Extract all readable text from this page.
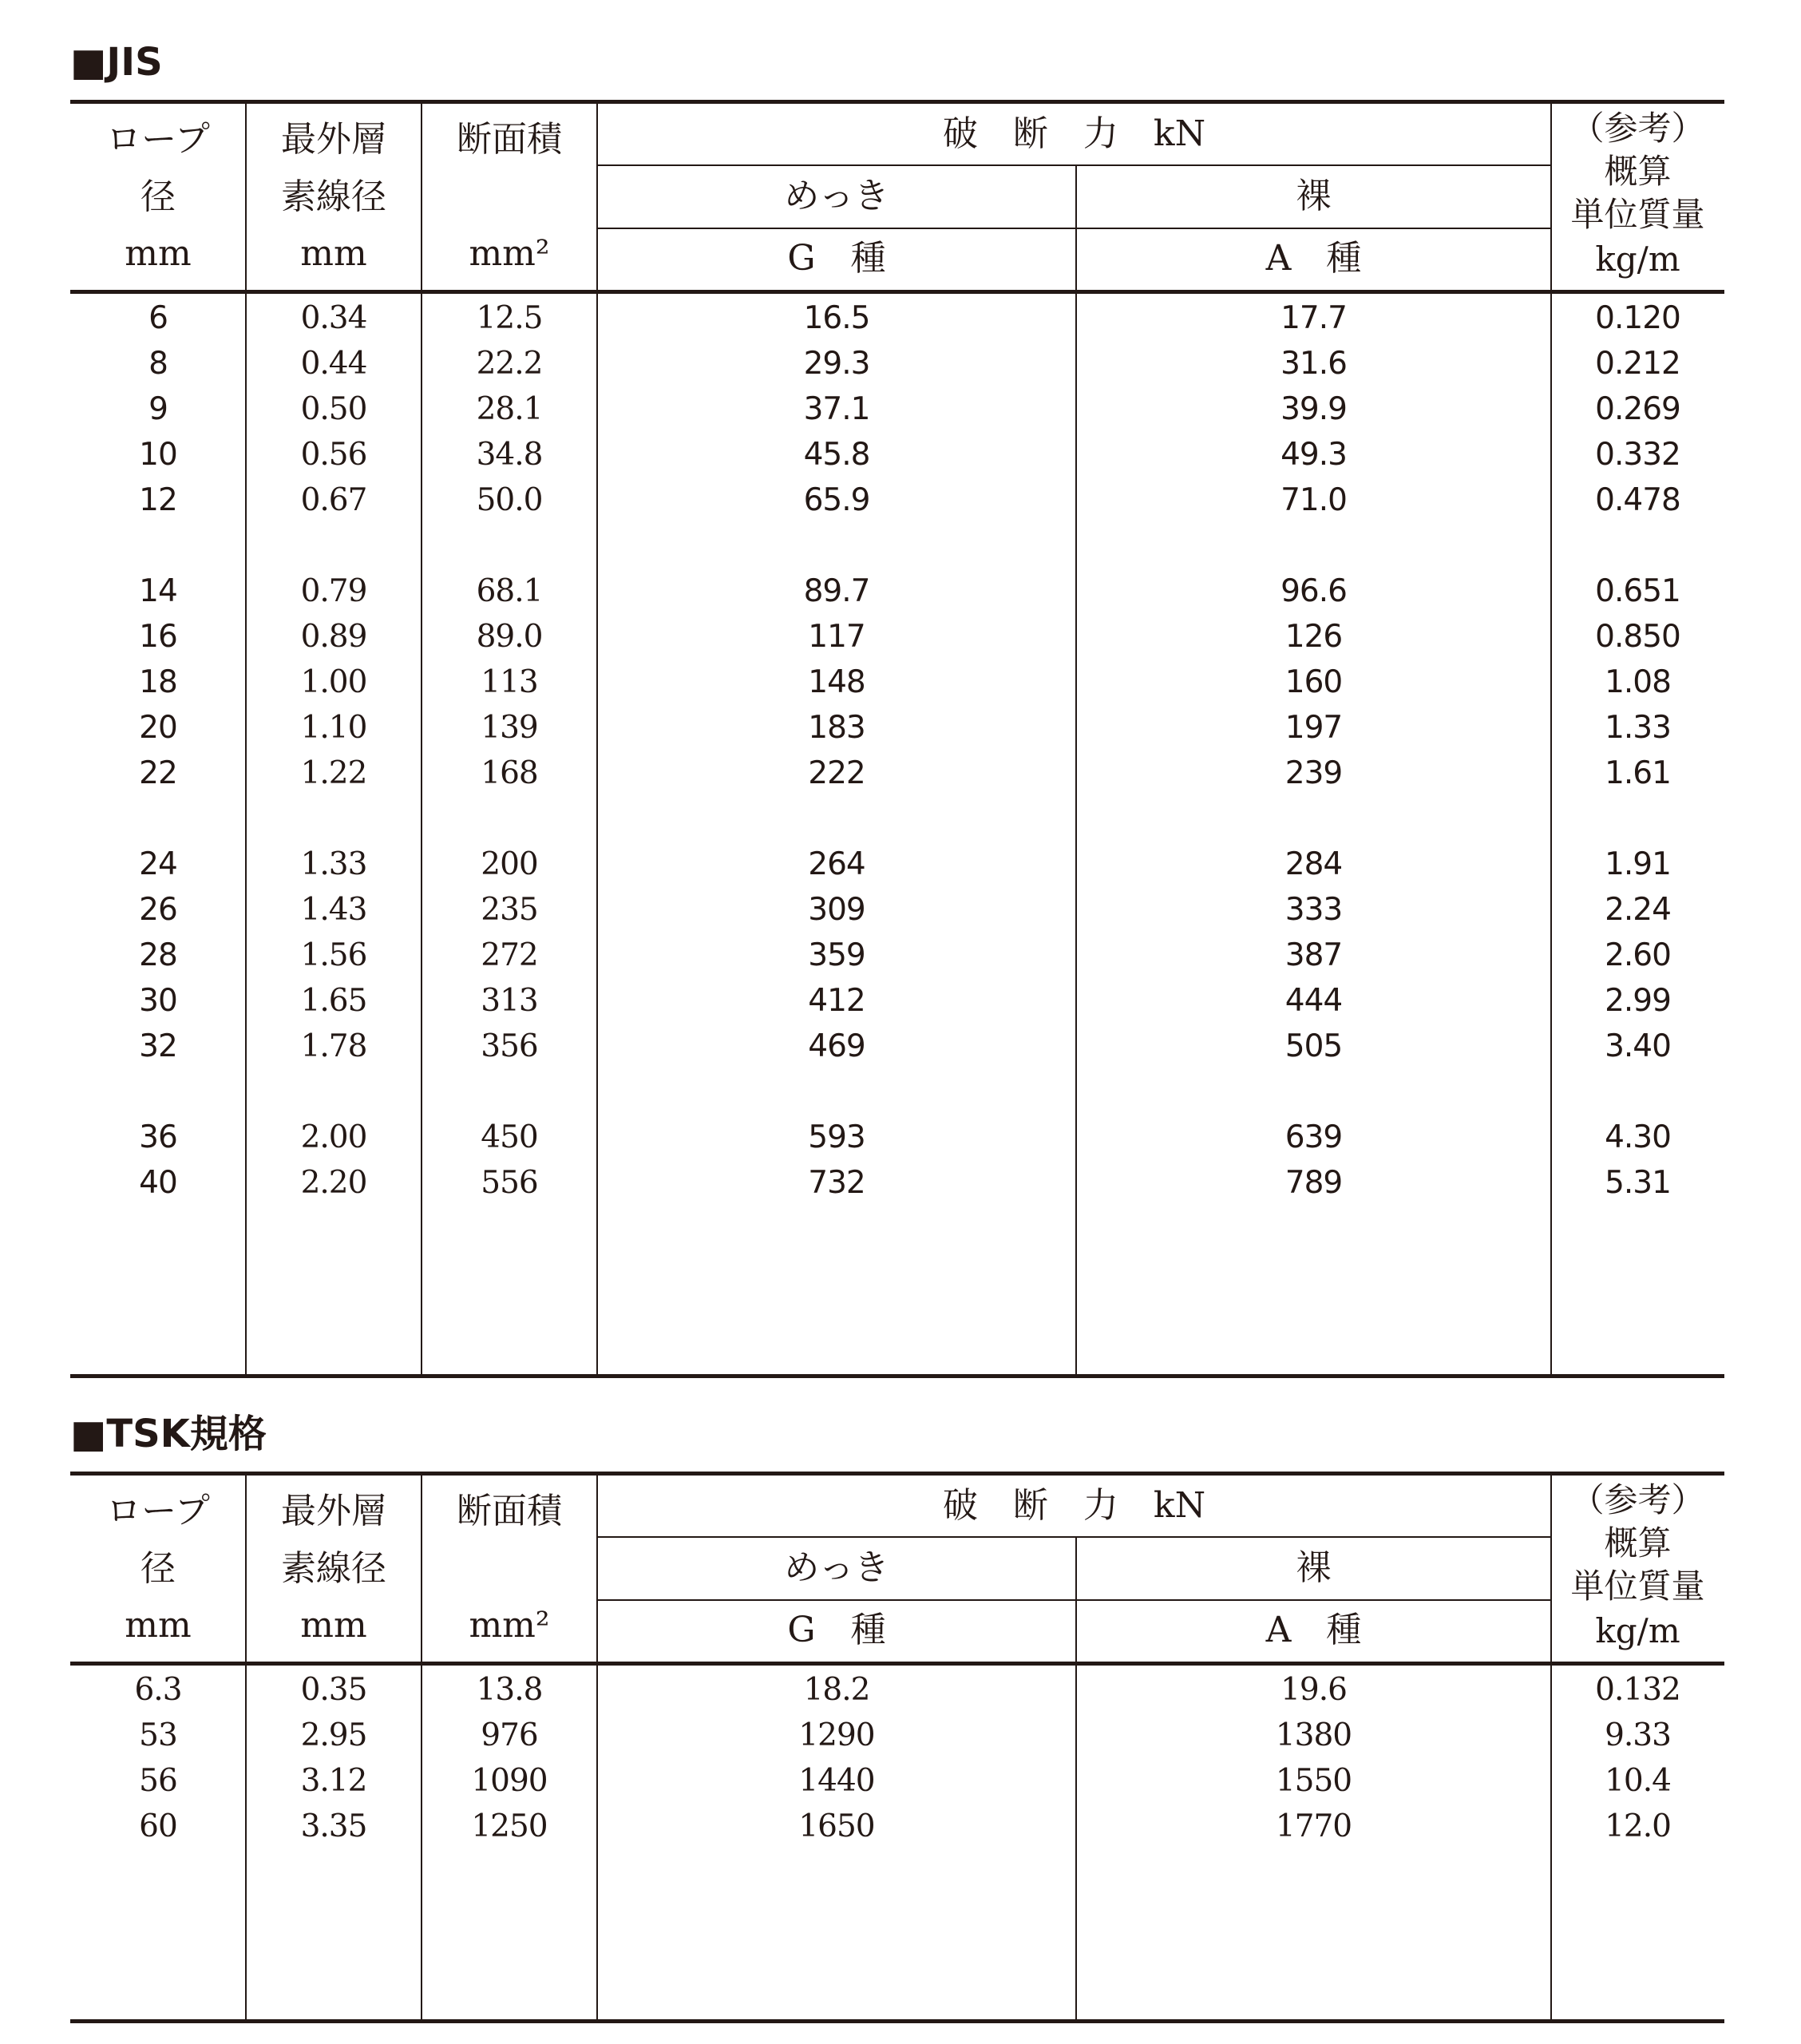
■JIS
ロープ
径
mm
最外層
素線径
mm
断面積
mm²
破　断　力　kN
めっき	裸
G　種	A　種
（参考）
概算
単位質量
kg/m
6	0.34	12.5	16.5	17.7	0.120
8	0.44	22.2	29.3	31.6	0.212
9	0.50	28.1	37.1	39.9	0.269
10	0.56	34.8	45.8	49.3	0.332
12	0.67	50.0	65.9	71.0	0.478
14	0.79	68.1	89.7	96.6	0.651
16	0.89	89.0	117	126	0.850
18	1.00	113	148	160	1.08
20	1.10	139	183	197	1.33
22	1.22	168	222	239	1.61
24	1.33	200	264	284	1.91
26	1.43	235	309	333	2.24
28	1.56	272	359	387	2.60
30	1.65	313	412	444	2.99
32	1.78	356	469	505	3.40
36	2.00	450	593	639	4.30
40	2.20	556	732	789	5.31
■TSK規格
ロープ
径
mm
最外層
素線径
mm
断面積
mm²
破　断　力　kN
めっき	裸
G　種	A　種
（参考）
概算
単位質量
kg/m
6.3	0.35	13.8	18.2	19.6	0.132
53	2.95	976	1290	1380	9.33
56	3.12	1090	1440	1550	10.4
60	3.35	1250	1650	1770	12.0
